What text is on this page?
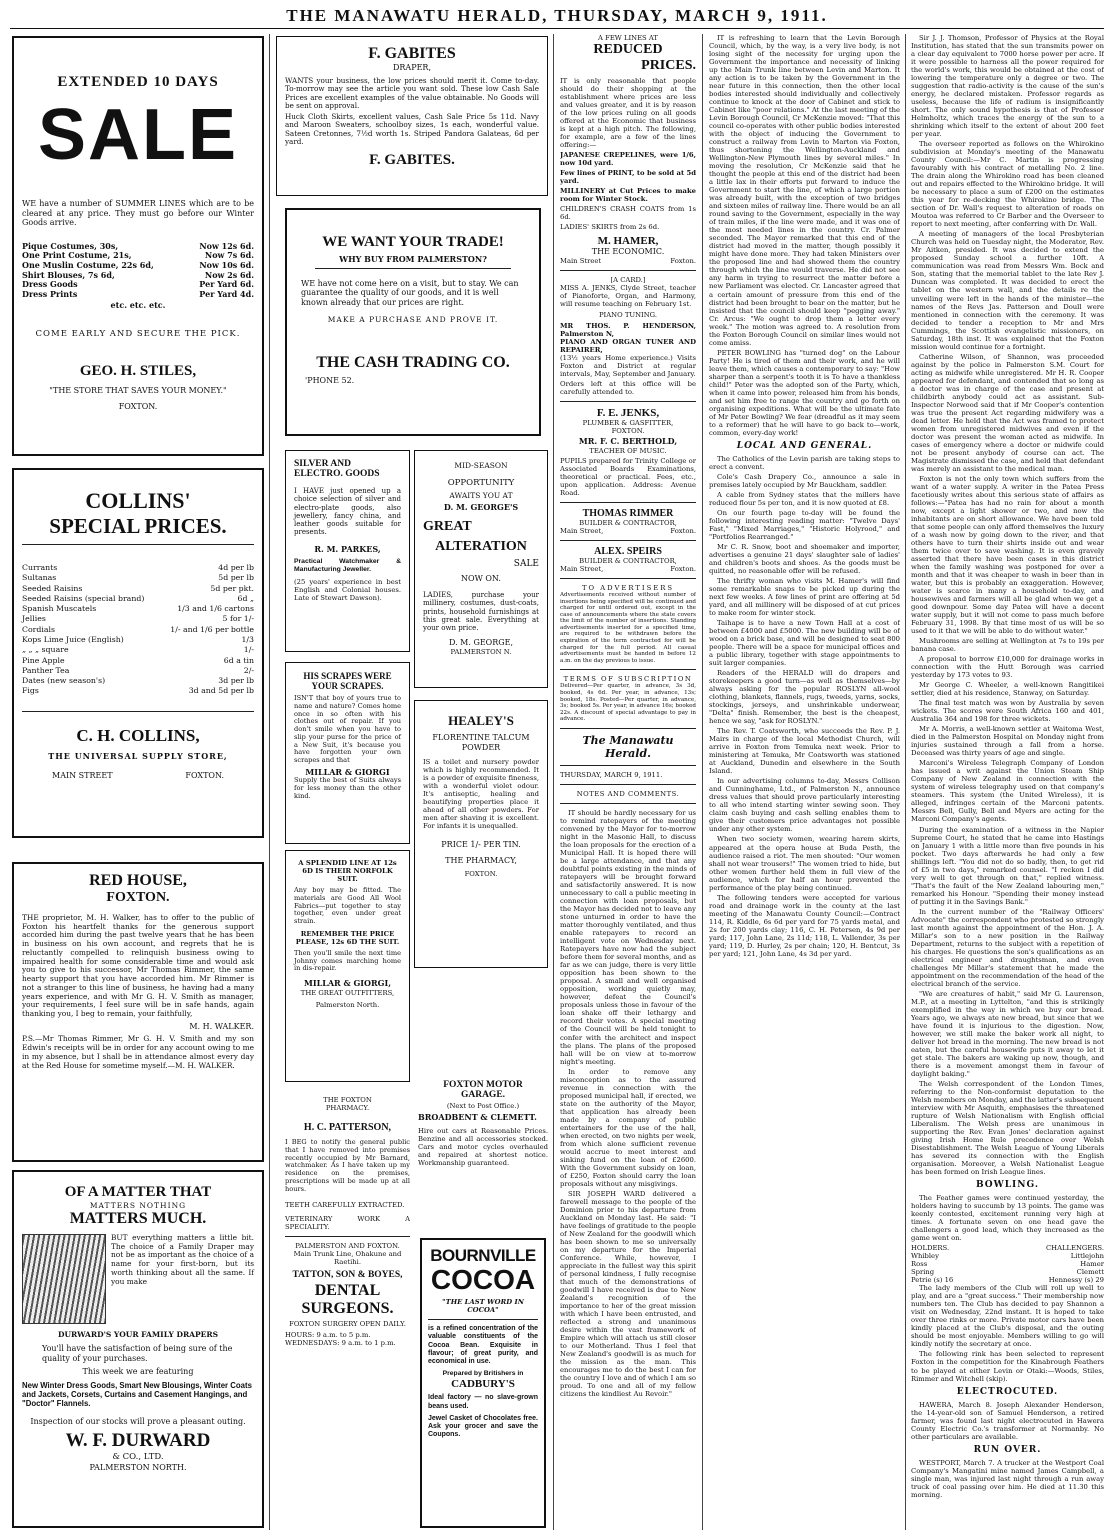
THE MANAWATU HERALD, THURSDAY, MARCH 9, 1911.
EXTENDED 10 DAYS
SALE
WE have a number of SUMMER LINES which are to be cleared at any price. They must go before our Winter Goods arrive.
Pique Costumes, 30s,	Now 12s 6d.
One Print Costume, 21s,	Now 7s 6d.
One Muslin Costume, 22s 6d,	Now 10s 6d.
Shirt Blouses, 7s 6d,	Now 2s 6d.
Dress Goods	Per Yard 6d.
Dress Prints	Per Yard 4d.
etc. etc. etc.
COME EARLY AND SECURE THE PICK.
GEO. H. STILES,
"THE STORE THAT SAVES YOUR MONEY."
FOXTON.
COLLINS'
SPECIAL PRICES.
Currants	4d per lb
Sultanas	5d per lb
Seeded Raisins	5d per pkt.
Seeded Raisins (special brand)	6d „
Spanish Muscatels	1/3 and 1/6 cartons
Jellies	5 for 1/-
Cordials	1/- and 1/6 per bottle
Kops Lime Juice (English)	1/3
„ „ „ square	1/-
Pine Apple	6d a tin
Panther Tea	2/-
Dates (new season's)	3d per lb
Figs	3d and 5d per lb
C. H. COLLINS,
THE UNIVERSAL SUPPLY STORE,
MAIN STREET	FOXTON.
RED HOUSE,
FOXTON.
THE proprietor, M. H. Walker, has to offer to the public of Foxton his heartfelt thanks for the generous support accorded him during the past twelve years that he has been in business on his own account, and regrets that he is reluctantly compelled to relinquish business owing to impaired health for some considerable time and would ask you to give to his successor, Mr Thomas Rimmer, the same hearty support that you have accorded him. Mr Rimmer is not a stranger to this line of business, he having had a many years experience, and with Mr G. H. V. Smith as manager, your requirements, I feel sure will be in safe hands, again thanking you, I beg to remain, your faithfully,
M. H. WALKER.
P.S.—Mr Thomas Rimmer, Mr G. H. V. Smith and my son Edwin's receipts will be in order for any account owing to me in my absence, but I shall be in attendance almost every day at the Red House for sometime myself.—M. H. WALKER.
OF A MATTER THAT
MATTERS NOTHING
MATTERS MUCH.
BUT everything matters a little bit. The choice of a Family Draper may not be as important as the choice of a name for your first-born, but its worth thinking about all the same. If you make
DURWARD'S YOUR FAMILY DRAPERS
You'll have the satisfaction of being sure of the quality of your purchases.
This week we are featuring
New Winter Dress Goods, Smart New Blousings, Winter Coats and Jackets, Corsets, Curtains and Casement Hangings, and "Doctor" Flannels.
Inspection of our stocks will prove a pleasant outing.
W. F. DURWARD
& CO., LTD.
PALMERSTON NORTH.
F. GABITES
DRAPER,
WANTS your business, the low prices should merit it. Come to-day. To-morrow may see the article you want sold. These low Cash Sale Prices are excellent examples of the value obtainable. No Goods will be sent on approval.
Huck Cloth Skirts, excellent values, Cash Sale Price 5s 11d. Navy and Maroon Sweaters, schoolboy sizes, 1s each, wonderful value. Sateen Cretonnes, 7½d worth 1s. Striped Pandora Galateas, 6d per yard.
F. GABITES.
WE WANT YOUR TRADE!
WHY BUY FROM PALMERSTON?
WE have not come here on a visit, but to stay. We can guarantee the quality of our goods, and it is well known already that our prices are right.
MAKE A PURCHASE AND PROVE IT.
THE CASH TRADING CO.
'PHONE 52.
SILVER AND
ELECTRO. GOODS
I HAVE just opened up a choice selection of silver and electro-plate goods, also jewellery, fancy china, and leather goods suitable for presents.
R. M. PARKES,
Practical Watchmaker & Manufacturing Jeweller.
(25 years' experience in best English and Colonial houses. Late of Stewart Dawson).
MID-SEASON
OPPORTUNITY
AWAITS YOU AT
D. M. GEORGE'S
GREAT
ALTERATION
SALE
NOW ON.
LADIES, purchase your millinery, costumes, dust-coats, prints, household furnishings at this great sale. Everything at your own price.
D. M. GEORGE,
PALMERSTON N.
HIS SCRAPES WERE
YOUR SCRAPES.
ISN'T that boy of yours true to name and nature? Comes home once in so often with his clothes out of repair. If you don't smile when you have to slip your purse for the price of a New Suit, it's because you have forgotten your own scrapes and that
MILLAR & GIORGI
Supply the best of Suits always for less money than the other kind.
A SPLENDID LINE AT 12s 6D IS THEIR NORFOLK SUIT.
Any boy may be fitted. The materials are Good All Wool Fabrics—put together to stay together, even under great strain.
REMEMBER THE PRICE PLEASE, 12s 6D THE SUIT.
Then you'll smile the next time Johnny comes marching home in dis-repair.
MILLAR & GIORGI,
THE GREAT OUTFITTERS,
Palmerston North.
HEALEY'S
FLORENTINE TALCUM POWDER
IS a toilet and nursery powder which is highly recommended. It is a powder of exquisite fineness, with a wonderful violet odour. It's antiseptic, healing and beautifying properties place it ahead of all other powders. For men after shaving it is excellent. For infants it is unequalled.
PRICE 1/- PER TIN.
THE PHARMACY,
FOXTON.
THE FOXTON
PHARMACY.
H. C. PATTERSON,
I BEG to notify the general public that I have removed into premises recently occupied by Mr Barnard, watchmaker. As I have taken up my residence on the premises, prescriptions will be made up at all hours.
TEETH CAREFULLY EXTRACTED.
VETERINARY WORK A SPECIALITY.
PALMERSTON AND FOXTON.
Main Trunk Line, Ohakune and Raetihi.
TATTON, SON & BOYES,
DENTAL SURGEONS.
FOXTON SURGERY OPEN DAILY.
HOURS: 9 a.m. to 5 p.m.
WEDNESDAYS: 9 a.m. to 1 p.m.
FOXTON MOTOR
GARAGE.
(Next to Post Office.)
BROADBENT & CLEMETT.
Hire out cars at Reasonable Prices. Benzine and all accessories stocked. Cars and motor cycles overhauled and repaired at shortest notice. Workmanship guaranteed.
BOURNVILLE
COCOA
"THE LAST WORD IN COCOA"
is a refined concentration of the valuable constituents of the Cocoa Bean. Exquisite in flavour; of great purity, and economical in use.
Prepared by Britishers in
CADBURY'S
Ideal factory — no slave-grown beans used.
Jewel Casket of Chocolates free. Ask your grocer and save the Coupons.
A FEW LINES AT
REDUCED
PRICES.
IT is only reasonable that people should do their shopping at the establishment where prices are less and values greater, and it is by reason of the low prices ruling on all goods offered at the Economic that business is kept at a high pitch. The following, for example, are a few of the lines offering:—
JAPANESE CREPELINES, were 1/6, now 10d yard.
Few lines of PRINT, to be sold at 5d yard.
MILLINERY at Cut Prices to make room for Winter Stock.
CHILDREN'S CRASH COATS from 1s 6d.
LADIES' SKIRTS from 2s 6d.
M. HAMER,
THE ECONOMIC.
Main Street	Foxton.
[A CARD.]
MISS A. JENKS, Clyde Street, teacher of Pianoforte, Organ, and Harmony, will resume teaching on February 1st.
PIANO TUNING.
MR THOS. P. HENDERSON, Palmerston N,
PIANO AND ORGAN TUNER AND REPAIRER,
(13½ years Home experience.) Visits Foxton and District at regular intervals, May, September and January.
Orders left at this office will be carefully attended to.
F. E. JENKS,
PLUMBER & GASFITTER,
FOXTON.
MR. F. C. BERTHOLD,
TEACHER OF MUSIC.
PUPILS prepared for Trinity College or Associated Boards Examinations, theoretical or practical. Fees, etc., upon application. Address: Avenue Road.
THOMAS RIMMER
BUILDER & CONTRACTOR,
Main Street,	Foxton.
ALEX. SPEIRS
BUILDER & CONTRACTOR,
Main Street,	Foxton.
TO ADVERTISERS
Advertisements received without number of insertions being specified will be continued and charged for until ordered out, except in the case of announcements where the state covers the limit of the number of insertions. Standing advertisements inserted for a specified time, are required to be withdrawn before the expiration of the term contracted for will be charged for the full period. All casual advertisements must be handed in before 12 a.m. on the day previous to issue.
TERMS OF SUBSCRIPTION
Delivered—Per quarter, in advance, 3s 3d, booked, 4s 6d. Per year, in advance, 13s; booked, 18s. Posted—Per quarter, in advance, 3s; booked 5s. Per year, in advance 16s; booked 22s. A discount of special advantage to pay in advance.
The Manawatu Herald.
THURSDAY, MARCH 9, 1911.
NOTES AND COMMENTS.
IT should be hardly necessary for us to remind ratepayers of the meeting convened by the Mayor for to-morrow night in the Masonic Hall, to discuss the loan proposals for the erection of a Municipal Hall. It is hoped there will be a large attendance, and that any doubtful points existing in the minds of ratepayers will be brought forward and satisfactorily answered. It is now unnecessary to call a public meeting in connection with loan proposals, but the Mayor has decided not to leave any stone unturned in order to have the matter thoroughly ventilated, and thus enable ratepayers to record an intelligent vote on Wednesday next. Ratepayers have now had the subject before them for several months, and as far as we can judge, there is very little opposition has been shown to the proposal. A small and well organised opposition, working quietly may, however, defeat the Council's proposals unless those in favour of the loan shake off their lethargy and record their votes. A special meeting of the Council will be held tonight to confer with the architect and inspect the plans. The plans of the proposed hall will be on view at to-morrow night's meeting.
In order to remove any misconception as to the assured revenue in connection with the proposed municipal hall, if erected, we state on the authority of the Mayor, that application has already been made by a company of public entertainers for the use of the hall, when erected, on two nights per week, from which alone sufficient revenue would accrue to meet interest and sinking fund on the loan of £2600. With the Government subsidy on loan, of £250, Foxton should carry the loan proposals without any misgivings.
SIR JOSEPH WARD delivered a farewell message to the people of the Dominion prior to his departure from Auckland on Monday last. He said: "I have feelings of gratitude to the people of New Zealand for the goodwill which has been shown to me so universally on my departure for the Imperial Conference. While, however, I appreciate in the fullest way this spirit of personal kindness, I fully recognise that much of the demonstrations of goodwill I have received is due to New Zealand's recognition of the importance to her of the great mission with which I have been entrusted, and reflected a strong and unanimous desire within the vast framework of Empire which will attach us still closer to our Motherland. Thus I feel that New Zealand's goodwill is as much for the mission as the man. This encourages me to do the best I can for the country I love and of which I am so proud. To one and all of my fellow citizens the kindliest Au Revoir."
IT is refreshing to learn that the Levin Borough Council, which, by the way, is a very live body, is not losing sight of the necessity for urging upon the Government the importance and necessity of linking up the Main Trunk line between Levin and Marton. It any action is to be taken by the Government in the near future in this connection, then the other local bodies interested should individually and collectively continue to knock at the door of Cabinet and stick to Cabinet like "poor relations." At the last meeting of the Levin Borough Council, Cr McKenzie moved: "That this council co-operates with other public bodies interested with the object of inducing the Government to construct a railway from Levin to Marton via Foxton, thus shortening the Wellington-Auckland and Wellington-New Plymouth lines by several miles." In moving the resolution, Cr McKenzie said that he thought the people at this end of the district had been a little lax in their efforts put forward to induce the Government to start the line, of which a large portion was already built, with the exception of two bridges and sixteen miles of railway line. There would be an all round saving to the Government, especially in the way of train miles, if the line were made, and it was one of the most needed lines in the country. Cr. Palmer seconded. The Mayor remarked that this end of the district had moved in the matter, though possibly it might have done more. They had taken Ministers over the proposed line and had showed them the country through which the line would traverse. He did not see any harm in trying to resurrect the matter before a new Parliament was elected. Cr. Lancaster agreed that a certain amount of pressure from this end of the district had been brought to bear on the matter, but he insisted that the council should keep "pegging away." Cr. Arcus: "We ought to drop them a letter every week." The motion was agreed to. A resolution from the Foxton Borough Council on similar lines would not come amiss.
PETER BOWLING has "turned dog" on the Labour Party! He is tired of them and their work, and he will leave them, which causes a contemporary to say: "How sharper than a serpent's tooth it is To have a thankless child!" Peter was the adopted son of the Party, which, when it came into power, released him from his bonds, and set him free to range the country and go forth on organising expeditions. What will be the ultimate fate of Mr Peter Bowling? We fear (dreadful as it may seem to a reformer) that he will have to go back to—work, common, every-day work!
LOCAL AND GENERAL.
The Catholics of the Levin parish are taking steps to erect a convent.
Cole's Cash Drapery Co., announce a sale in premises lately occupied by Mr Bauckham, saddler.
A cable from Sydney states that the millers have reduced flour 5s per ton, and it is now quoted at £8.
On our fourth page to-day will be found the following interesting reading matter: "Twelve Days' Fast," "Mixed Marriages," "Historic Holyrood," and "Portfolios Rearranged."
Mr C. R. Snow, boot and shoemaker and importer, advertises a genuine 21 days' slaughter sale of ladies' and children's boots and shoes. As the goods must be quitted, no reasonable offer will be refused.
The thrifty woman who visits M. Hamer's will find some remarkable snaps to be picked up during the next few weeks. A few lines of print are offering at 5d yard, and all millinery will be disposed of at cut prices to make room for winter stock.
Taihape is to have a new Town Hall at a cost of between £4000 and £5000. The new building will be of wood on a brick base, and will be designed to seat 800 people. There will be a space for municipal offices and a public library, together with stage appointments to suit larger companies.
Readers of the HERALD will do drapers and storekeepers a good turn—as well as themselves—by always asking for the popular ROSLYN all-wool clothing, blankets, flannels, rugs, tweeds, yarns, socks, stockings, jerseys, and unshrinkable underwear, "Delta" finish. Remember, the best is the cheapest, hence we say, "ask for ROSLYN."
The Rev. T. Coatsworth, who succeeds the Rev. P. J. Mairs in charge of the local Methodist Church, will arrive in Foxton from Temuka next week. Prior to ministering at Temuka, Mr Coatsworth was stationed at Auckland, Dunedin and elsewhere in the South Island.
In our advertising columns to-day, Messrs Collison and Cunninghame, Ltd., of Palmerston N., announce dress values that should prove particularly interesting to all who intend starting winter sewing soon. They claim cash buying and cash selling enables them to give their customers price advantages not possible under any other system.
When two society women, wearing harem skirts, appeared at the opera house at Buda Pesth, the audience raised a riot. The men shouted: "Our women shall not wear trousers!" The women tried to hide, but other women further held them in full view of the audience, which for half an hour prevented the performance of the play being continued.
The following tenders were accepted for various road and drainage work in the county at the last meeting of the Manawatu County Council:—Contract 114, R. Kiddle, 6s 6d per yard for 75 yards metal, and 2s for 200 yards clay; 116, C. H. Petersen, 4s 9d per yard; 117, John Lane, 2s 11d; 118, L. Vallender, 3s per yard; 119, D. Hurley, 2s per chain; 120, H. Bentcut, 3s per yard; 121, John Lane, 4s 3d per yard.
Sir J. J. Thomson, Professor of Physics at the Royal Institution, has stated that the sun transmits power on a clear day equivalent to 7000 horse power per acre. If it were possible to harness all the power required for the world's work, this would be obtained at the cost of lowering the temperature only a degree or two. The suggestion that radio-activity is the cause of the sun's energy, he declared mistaken. Professor regards as useless, because the life of radium is insignificantly short. The only sound hypothesis is that of Professor Helmholtz, which traces the energy of the sun to a shrinking which itself to the extent of about 200 feet per year.
The overseer reported as follows on the Whirokino subdivision at Monday's meeting of the Manawatu County Council:—Mr C. Martin is progressing favourably with his contract of metalling No. 2 line. The drain along the Whirokino road has been cleaned out and repairs effected to the Whirokino bridge. It will be necessary to place a sum of £200 on the estimates this year for re-decking the Whirokino bridge. The section of Dr. Wall's request to alteration of roads on Moutoa was referred to Cr Barber and the Overseer to report to next meeting, after conferring with Dr. Wall.
A meeting of managers of the local Presbyterian Church was held on Tuesday night, the Moderator, Rev. Mr Aitken, presided. It was decided to extend the proposed Sunday school a further 10ft. A communication was read from Messrs Wm. Bock and Son, stating that the memorial tablet to the late Rev J. Duncan was completed. It was decided to erect the tablet on the western wall, and the details re the unveiling were left in the hands of the minister—the names of the Revs Jas. Patterson and Doull were mentioned in connection with the ceremony. It was decided to tender a reception to Mr and Mrs Cummings, the Scottish evangelistic missioners, on Saturday, 18th inst. It was explained that the Foxton mission would continue for a fortnight.
Catherine Wilson, of Shannon, was proceeded against by the police in Palmerston S.M. Court for acting as midwife while unregistered. Mr H. R. Cooper appeared for defendant, and contended that so long as a doctor was in charge of the case and present at childbirth anybody could act as assistant. Sub-Inspector Norwood said that if Mr Cooper's contention was true the present Act regarding midwifery was a dead letter. He held that the Act was framed to protect women from unregistered midwives and even if the doctor was present the woman acted as midwife. In cases of emergency where a doctor or midwife could not be present anybody of course can act. The Magistrate dismissed the case, and held that defendant was merely an assistant to the medical man.
Foxton is not the only town which suffers from the want of a water supply. A writer in the Patea Press facetiously writes about this serious state of affairs as follows:—"Patea has had no rain for about a month now, except a light shower or two, and now the inhabitants are on short allowance. We have been told that some people can only afford themselves the luxury of a wash now by going down to the river, and that others have to turn their shirts inside out and wear them twice over to save washing. It is even gravely asserted that there have been cases in this district when the family washing was postponed for over a month and that it was cheaper to wash in beer than in water, but this is probably an exaggeration. However, water is scarce in many a household to-day, and housewives and farmers will all be glad when we get a good downpour. Some day Patea will have a decent water supply, but it will not come to pass much before February 31, 1998. By that time most of us will be so used to it that we will be able to do without water."
Mushrooms are selling at Wellington at 7s to 19s per banana case.
A proposal to borrow £10,000 for drainage works in connection with the Hutt Borough was carried yesterday by 173 votes to 93.
Mr George C. Wheeler, a well-known Rangitikei settler, died at his residence, Stanway, on Saturday.
The final test match was won by Australia by seven wickets. The scores were South Africa 160 and 401, Australia 364 and 198 for three wickets.
Mr A. Morris, a well-known settler at Waitoma West, died in the Palmerston Hospital on Monday night from injuries sustained through a fall from a horse. Deceased was thirty years of age and single.
Marconi's Wireless Telegraph Company of London has issued a writ against the Union Steam Ship Company of New Zealand in connection with the system of wireless telegraphy used on that company's steamers. This system (the United Wireless), it is alleged, infringes certain of the Marconi patents. Messrs Bell, Gully, Bell and Myers are acting for the Marconi Company's agents.
During the examination of a witness in the Napier Supreme Court, he stated that he came into Hastings on January 1 with a little more than five pounds in his pocket. Two days afterwards he had only a few shillings left. "You did not do so badly, then, to get rid of £5 in two days," remarked counsel. "I reckon I did very well to get through on that," replied witness. "That's the fault of the New Zealand labouring men," remarked his Honour. "Spending their money instead of putting it in the Savings Bank."
In the current number of the "Railway Officers' Advocate" the correspondent who protested so strongly last month against the appointment of the Hon. J. A. Millar's son to a new position in the Railway Department, returns to the subject with a repetition of his charges. He questions the son's qualifications as an electrical engineer and draughtsman, and even challenges Mr Millar's statement that he made the appointment on the recommendation of the head of the electrical branch of the service.
"We are creatures of habit," said Mr G. Laurenson, M.P., at a meeting in Lyttelton, "and this is strikingly exemplified in the way in which we buy our bread. Years ago, we always ate new bread, but since that we have found it is injurious to the digestion. Now, however, we still make the baker work all night, to deliver hot bread in the morning. The new bread is not eaten, but the careful housewife puts it away to let it get stale. The bakers are waking up now, though, and there is a movement amongst them in favour of daylight baking."
The Welsh correspondent of the London Times, referring to the Non-conformist deputation to the Welsh members on Monday, and the latter's subsequent interview with Mr Asquith, emphasises the threatened rupture of Welsh Nationalism with English official Liberalism. The Welsh press are unanimous in supporting the Rev. Evan Jones' declaration against giving Irish Home Rule precedence over Welsh Disestablishment. The Welsh League of Young Liberals has severed its connection with the English organisation. Moreover, a Welsh Nationalist League has been formed on Irish League lines.
BOWLING.
The Feather games were continued yesterday, the holders having to succumb by 13 points. The game was keenly contested, excitement running very high at times. A fortunate seven on one head gave the challengers a good lead, which they increased as the game went on.
HOLDERS.	CHALLENGERS.
Whibley	Littlejohn
Ross	Hamer
Spring	Clemett
Petrie (s) 16	Hennessy (s) 29
The lady members of the Club will roll up well to play, and are a "great success." Their membership now numbers ten. The Club has decided to pay Shannon a visit on Wednesday, 22nd instant. It is hoped to take over three rinks or more. Private motor cars have been kindly placed at the Club's disposal, and the outing should be most enjoyable. Members willing to go will kindly notify the secretary at once.
The following rink has been selected to represent Foxton in the competition for the Kinabrough Feathers to be played at either Levin or Otaki:—Woods, Stiles, Rimmer and Witchell (skip).
ELECTROCUTED.
HAWERA, March 8. Joseph Alexander Henderson, the 14-year-old son of Samuel Henderson, a retired farmer, was found last night electrocuted in Hawera County Electric Co.'s transformer at Normanby. No other particulars are available.
RUN OVER.
WESTPORT, March 7. A trucker at the Westport Coal Company's Mangatini mine named James Campbell, a single man, was injured last night through a run away truck of coal passing over him. He died at 11.30 this morning.
